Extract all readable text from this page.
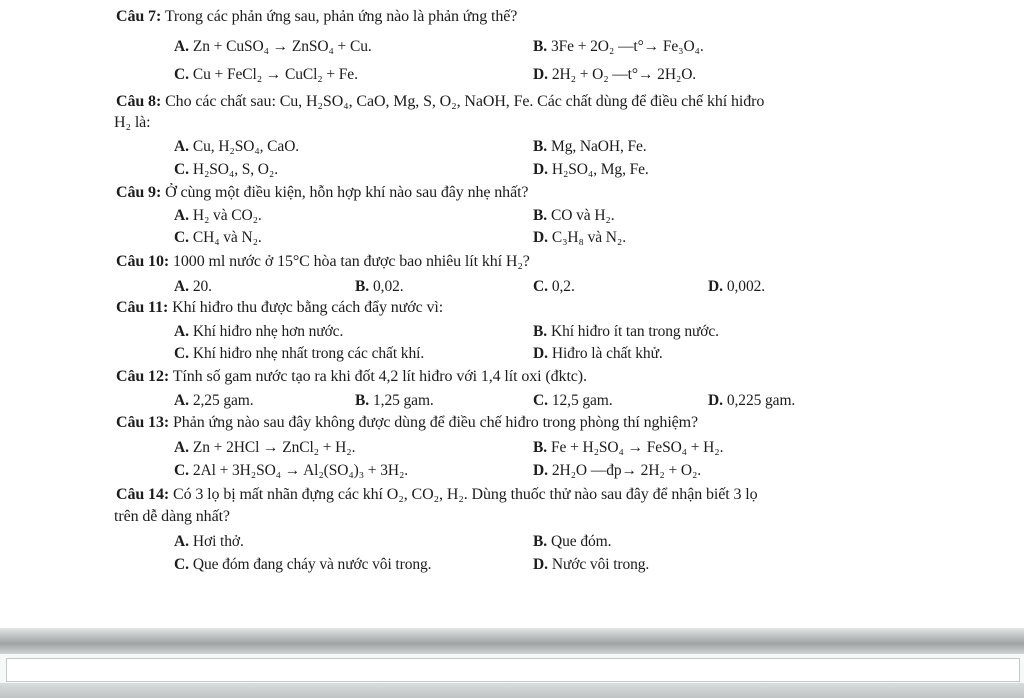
Câu 7: Trong các phản ứng sau, phản ứng nào là phản ứng thế?
A. Zn + CuSO₄ → ZnSO₄ + Cu.	B. 3Fe + 2O₂ —t°→ Fe₃O₄.
C. Cu + FeCl₂ → CuCl₂ + Fe.	D. 2H₂ + O₂ —t°→ 2H₂O.
Câu 8: Cho các chất sau: Cu, H₂SO₄, CaO, Mg, S, O₂, NaOH, Fe. Các chất dùng để điều chế khí hiđro
H₂ là:
A. Cu, H₂SO₄, CaO.	B. Mg, NaOH, Fe.
C. H₂SO₄, S, O₂.	D. H₂SO₄, Mg, Fe.
Câu 9: Ở cùng một điều kiện, hỗn hợp khí nào sau đây nhẹ nhất?
A. H₂ và CO₂.	B. CO và H₂.
C. CH₄ và N₂.	D. C₃H₈ và N₂.
Câu 10: 1000 ml nước ở 15°C hòa tan được bao nhiêu lít khí H₂?
A. 20.	B. 0,02.	C. 0,2.	D. 0,002.
Câu 11: Khí hiđro thu được bằng cách đẩy nước vì:
A. Khí hiđro nhẹ hơn nước.	B. Khí hiđro ít tan trong nước.
C. Khí hiđro nhẹ nhất trong các chất khí.	D. Hiđro là chất khử.
Câu 12: Tính số gam nước tạo ra khi đốt 4,2 lít hiđro với 1,4 lít oxi (đktc).
A. 2,25 gam.	B. 1,25 gam.	C. 12,5 gam.	D. 0,225 gam.
Câu 13: Phản ứng nào sau đây không được dùng để điều chế hiđro trong phòng thí nghiệm?
A. Zn + 2HCl → ZnCl₂ + H₂.	B. Fe + H₂SO₄ → FeSO₄ + H₂.
C. 2Al + 3H₂SO₄ → Al₂(SO₄)₃ + 3H₂.	D. 2H₂O —đp→ 2H₂ + O₂.
Câu 14: Có 3 lọ bị mất nhãn đựng các khí O₂, CO₂, H₂. Dùng thuốc thử nào sau đây để nhận biết 3 lọ
trên dễ dàng nhất?
A. Hơi thở.	B. Que đóm.
C. Que đóm đang cháy và nước vôi trong.	D. Nước vôi trong.
